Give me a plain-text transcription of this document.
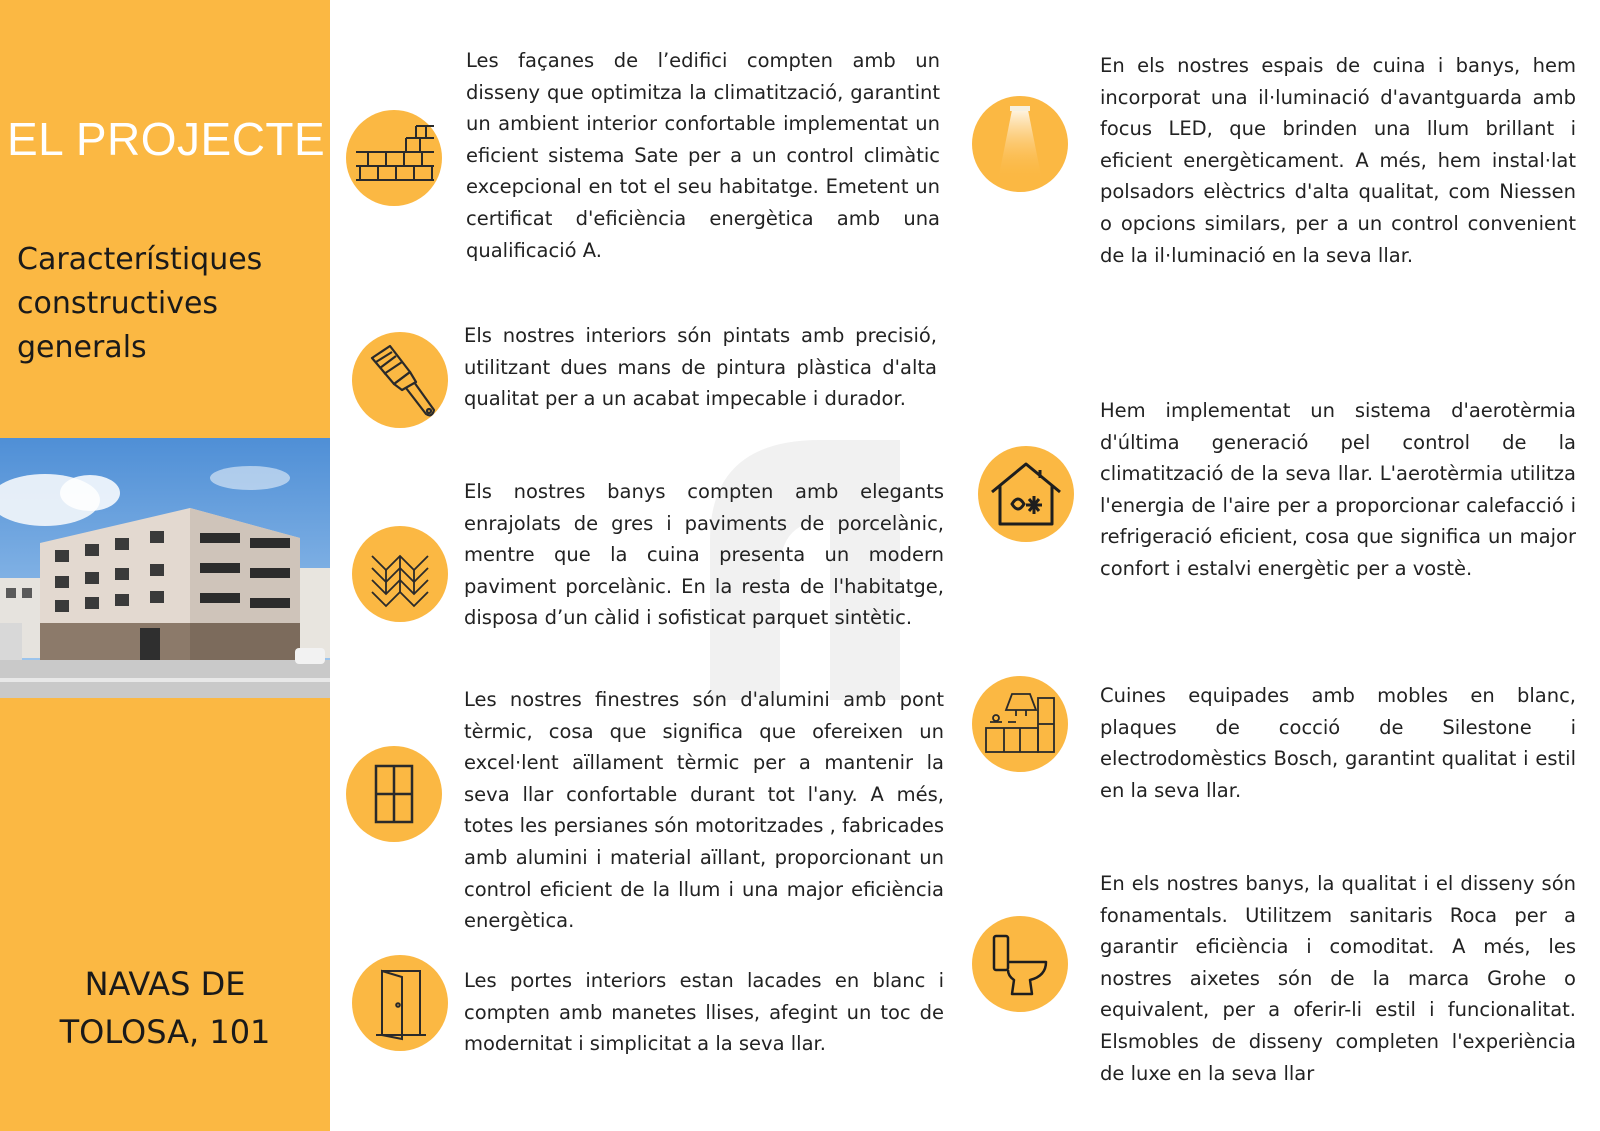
EL PROJECTE
Característiques constructives generals
NAVAS DE
TOLOSA, 101
Les façanes de l’edifici compten amb un disseny que optimitza la climatització, garantint un ambient interior confortable implementat un eficient sistema Sate per a un control climàtic excepcional en tot el seu habitatge. Emetent un certificat d'eficiència energètica amb una qualificació A.
Els nostres interiors són pintats amb precisió, utilitzant dues mans de pintura plàstica d'alta qualitat per a un acabat impecable i durador.
Els nostres banys compten amb elegants enrajolats de gres i paviments de porcelànic, mentre que la cuina presenta un modern paviment porcelànic. En la resta de l'habitatge, disposa d’un càlid i sofisticat parquet sintètic.
Les nostres finestres són d'alumini amb pont tèrmic, cosa que significa que ofereixen un excel·lent aïllament tèrmic per a mantenir la seva llar confortable durant tot l'any. A més, totes les persianes són motoritzades , fabricades amb alumini i material aïllant, proporcionant un control eficient de la llum i una major eficiència energètica.
Les portes interiors estan lacades en blanc i compten amb manetes llises, afegint un toc de modernitat i simplicitat a la seva llar.
En els nostres espais de cuina i banys, hem incorporat una il·luminació d'avantguarda amb focus LED, que brinden una llum brillant i eficient energèticament. A més, hem instal·lat polsadors elèctrics d'alta qualitat, com Niessen o opcions similars, per a un control convenient de la il·luminació en la seva llar.
Hem implementat un sistema d'aerotèrmia d'última generació pel control de la climatització de la seva llar. L'aerotèrmia utilitza l'energia de l'aire per a proporcionar calefacció i refrigeració eficient, cosa que significa un major confort i estalvi energètic per a vostè.
Cuines equipades amb mobles en blanc, plaques de cocció de Silestone i electrodomèstics Bosch, garantint qualitat i estil en la seva llar.
En els nostres banys, la qualitat i el disseny són fonamentals. Utilitzem sanitaris Roca per a garantir eficiència i comoditat. A més, les nostres aixetes són de la marca Grohe o equivalent, per a oferir-li estil i funcionalitat. Elsmobles de disseny completen l'experiència de luxe en la seva llar
